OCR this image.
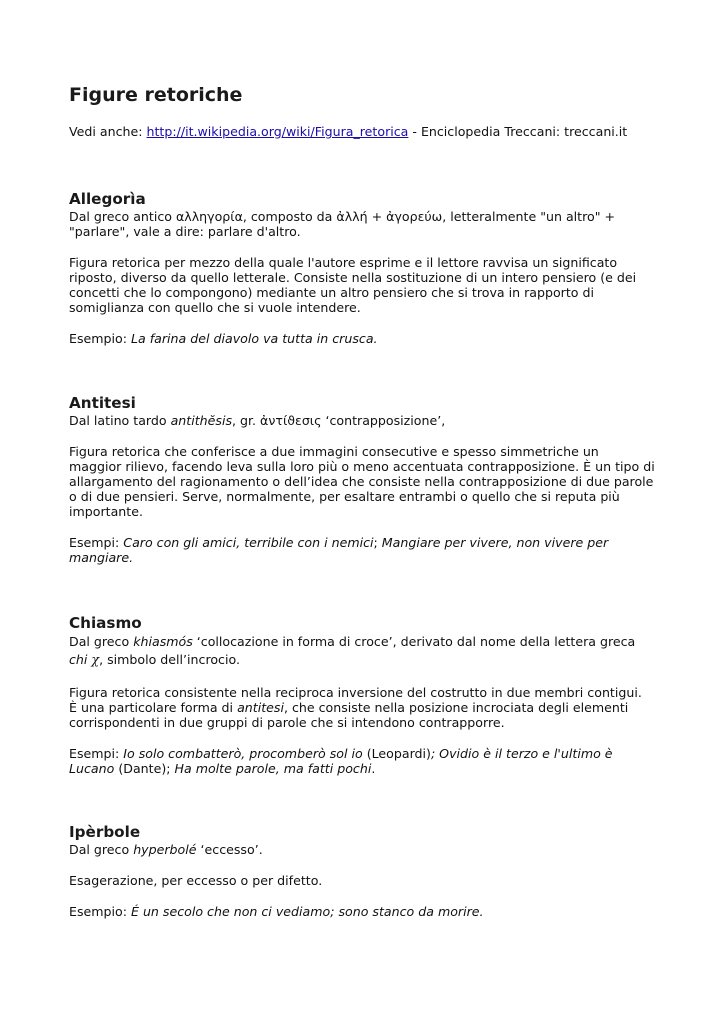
Figure retoriche
Vedi anche: http://it.wikipedia.org/wiki/Figura_retorica - Enciclopedia Treccani: treccani.it
Allegorìa

Dal greco antico αλληγορία, composto da ἀλλή + ἀγορεύω, letteralmente "un altro" + "parlare", vale a dire: parlare d'altro.

Figura retorica per mezzo della quale l'autore esprime e il lettore ravvisa un significato riposto, diverso da quello letterale. Consiste nella sostituzione di un intero pensiero (e dei concetti che lo compongono) mediante un altro pensiero che si trova in rapporto di somiglianza con quello che si vuole intendere.

Esempio: La farina del diavolo va tutta in crusca.

Antitesi

Dal latino tardo antithĕsis, gr. ἀντίϑεσις ‘contrapposizione’,

Figura retorica che conferisce a due immagini consecutive e spesso simmetriche un maggior rilievo, facendo leva sulla loro più o meno accentuata contrapposizione. È un tipo di allargamento del ragionamento o dell’idea che consiste nella contrapposizione di due parole o di due pensieri. Serve, normalmente, per esaltare entrambi o quello che si reputa più importante.

Esempi: Caro con gli amici, terribile con i nemici; Mangiare per vivere, non vivere per mangiare.

Chiasmo

Dal greco khiasmós ‘collocazione in forma di croce’, derivato dal nome della lettera greca chi χ, simbolo dell’incrocio.

Figura retorica consistente nella reciproca inversione del costrutto in due membri contigui.

È una particolare forma di antitesi, che consiste nella posizione incrociata degli elementi corrispondenti in due gruppi di parole che si intendono contrapporre.

Esempi: Io solo combatterò, procomberò sol io (Leopardi); Ovidio è il terzo e l'ultimo è Lucano (Dante); Ha molte parole, ma fatti pochi.

Ipèrbole

Dal greco hyperbolé ‘eccesso’.

Esagerazione, per eccesso o per difetto.

Esempio: É un secolo che non ci vediamo; sono stanco da morire.
